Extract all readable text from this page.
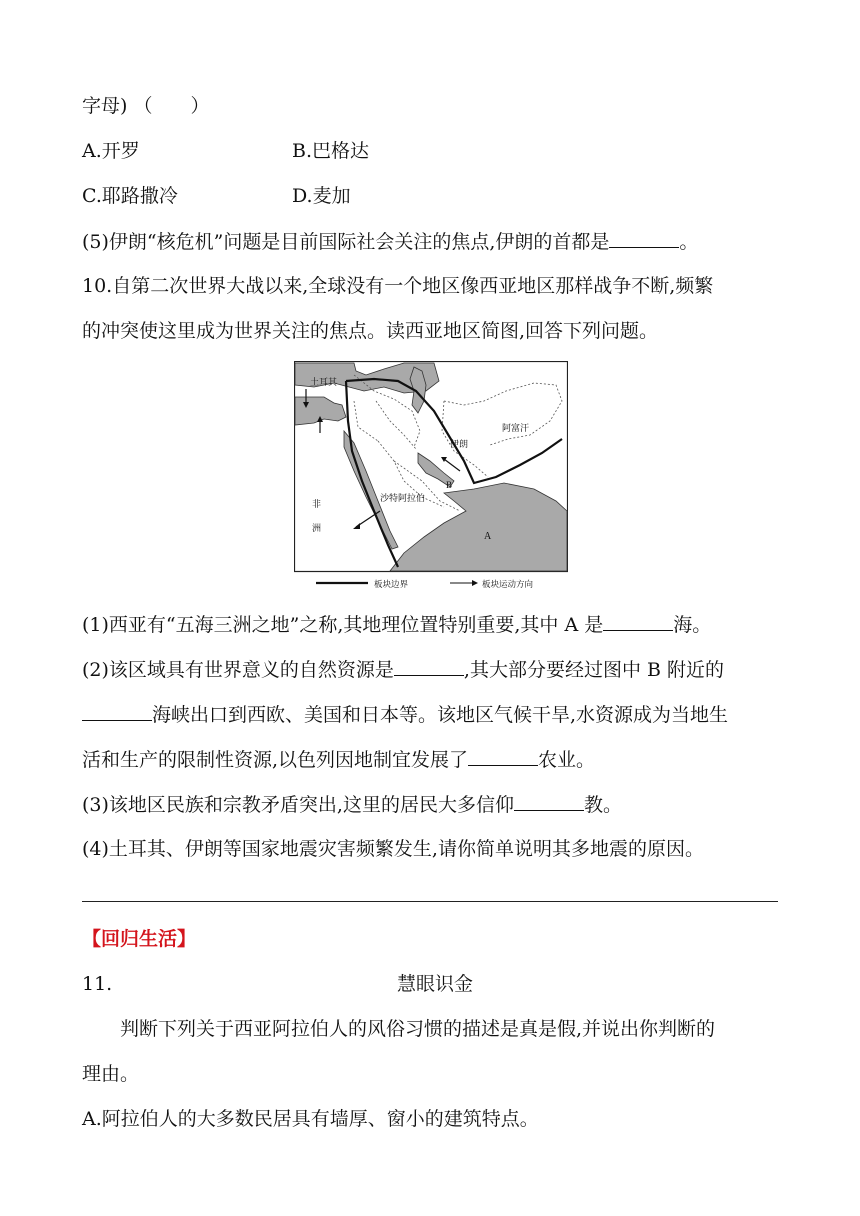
字母) （　　）
A.开罗	B.巴格达
C.耶路撒冷	D.麦加
(5)伊朗“核危机”问题是目前国际社会关注的焦点,伊朗的首都是	。
10.自第二次世界大战以来,全球没有一个地区像西亚地区那样战争不断,频繁
的冲突使这里成为世界关注的焦点。读西亚地区简图,回答下列问题。
土耳其
伊朗
阿富汗
沙特阿拉伯
非
洲
A
B
板块边界	板块运动方向
(1)西亚有“五海三洲之地”之称,其地理位置特别重要,其中 A 是	海。
(2)该区域具有世界意义的自然资源是	,其大部分要经过图中 B 附近的
海峡出口到西欧、美国和日本等。该地区气候干旱,水资源成为当地生
活和生产的限制性资源,以色列因地制宜发展了	农业。
(3)该地区民族和宗教矛盾突出,这里的居民大多信仰	教。
(4)土耳其、伊朗等国家地震灾害频繁发生,请你简单说明其多地震的原因。
【回归生活】
11.	慧眼识金
判断下列关于西亚阿拉伯人的风俗习惯的描述是真是假,并说出你判断的
理由。
A.阿拉伯人的大多数民居具有墙厚、窗小的建筑特点。
